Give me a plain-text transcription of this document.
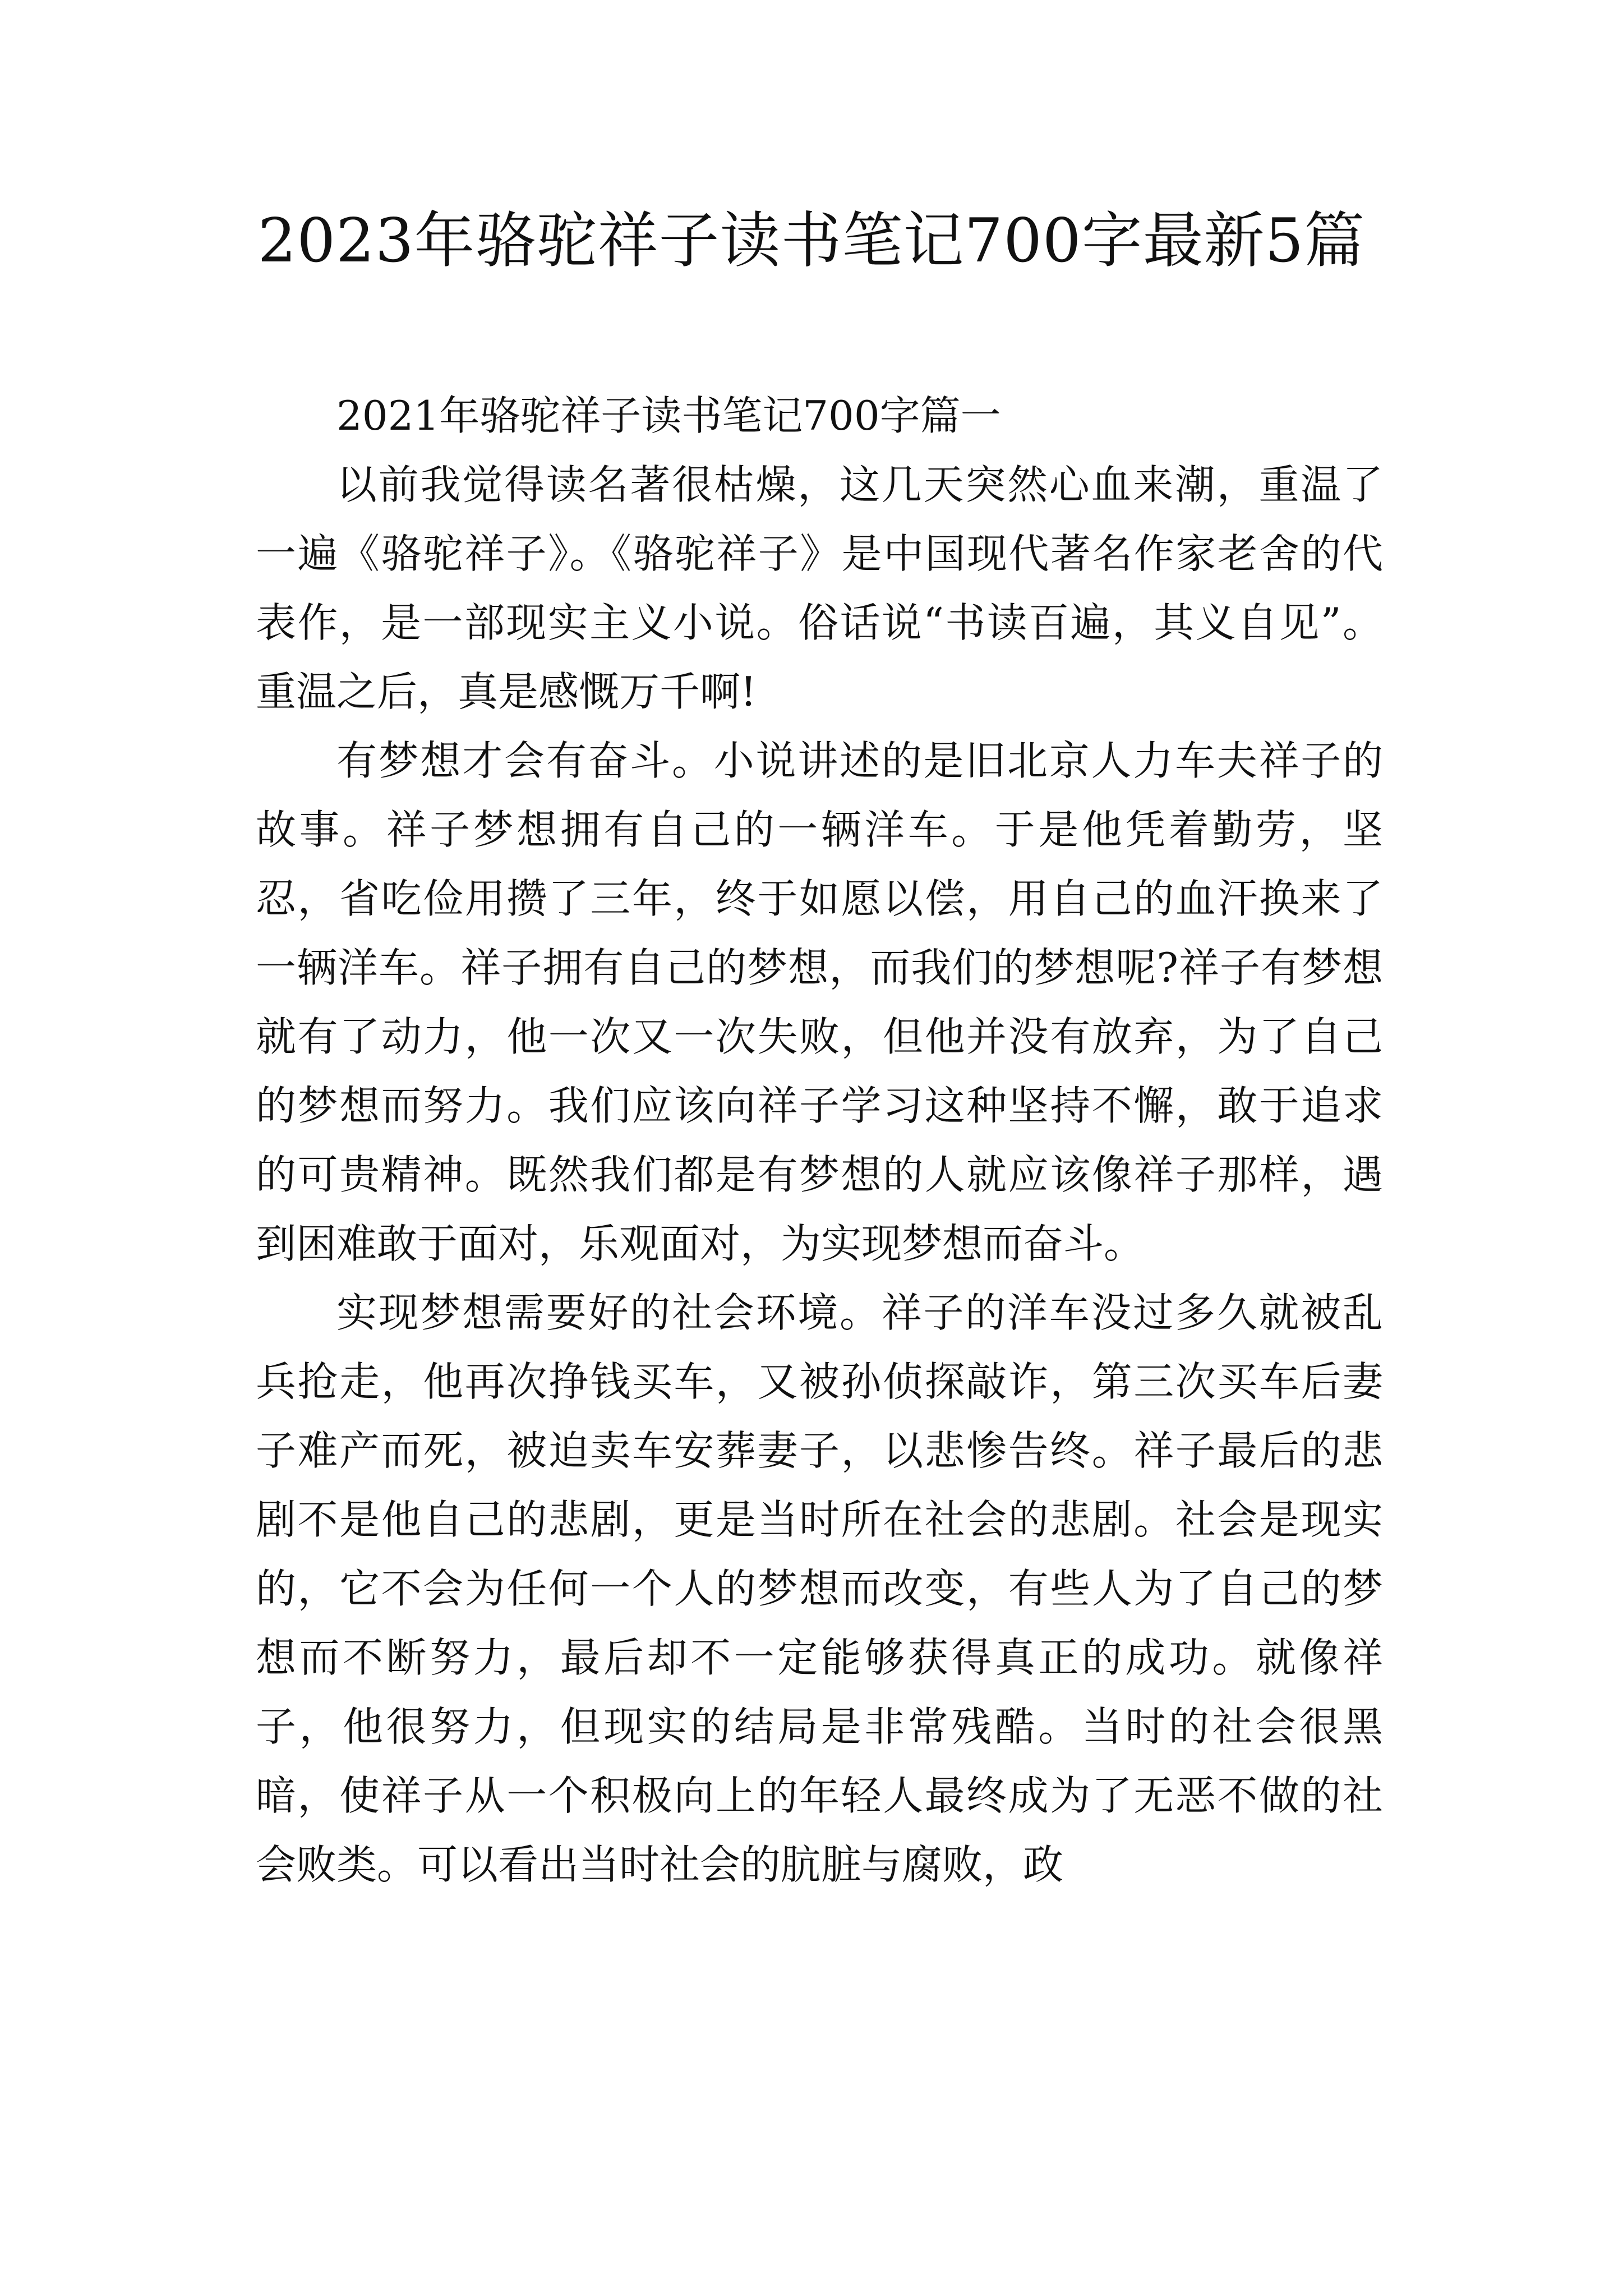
2023年骆驼祥子读书笔记700字最新5篇

2021年骆驼祥子读书笔记700字篇一

以前我觉得读名著很枯燥，这几天突然心血来潮，重温了一遍《骆驼祥子》。《骆驼祥子》是中国现代著名作家老舍的代表作，是一部现实主义小说。俗话说“书读百遍，其义自见”。重温之后，真是感慨万千啊!

有梦想才会有奋斗。小说讲述的是旧北京人力车夫祥子的故事。祥子梦想拥有自己的一辆洋车。于是他凭着勤劳，坚忍，省吃俭用攒了三年，终于如愿以偿，用自己的血汗换来了一辆洋车。祥子拥有自己的梦想，而我们的梦想呢?祥子有梦想就有了动力，他一次又一次失败，但他并没有放弃，为了自己的梦想而努力。我们应该向祥子学习这种坚持不懈，敢于追求的可贵精神。既然我们都是有梦想的人就应该像祥子那样，遇到困难敢于面对，乐观面对，为实现梦想而奋斗。

实现梦想需要好的社会环境。祥子的洋车没过多久就被乱兵抢走，他再次挣钱买车，又被孙侦探敲诈，第三次买车后妻子难产而死，被迫卖车安葬妻子，以悲惨告终。祥子最后的悲剧不是他自己的悲剧，更是当时所在社会的悲剧。社会是现实的，它不会为任何一个人的梦想而改变，有些人为了自己的梦想而不断努力，最后却不一定能够获得真正的成功。就像祥子，他很努力，但现实的结局是非常残酷。当时的社会很黑暗，使祥子从一个积极向上的年轻人最终成为了无恶不做的社会败类。可以看出当时社会的肮脏与腐败，政
